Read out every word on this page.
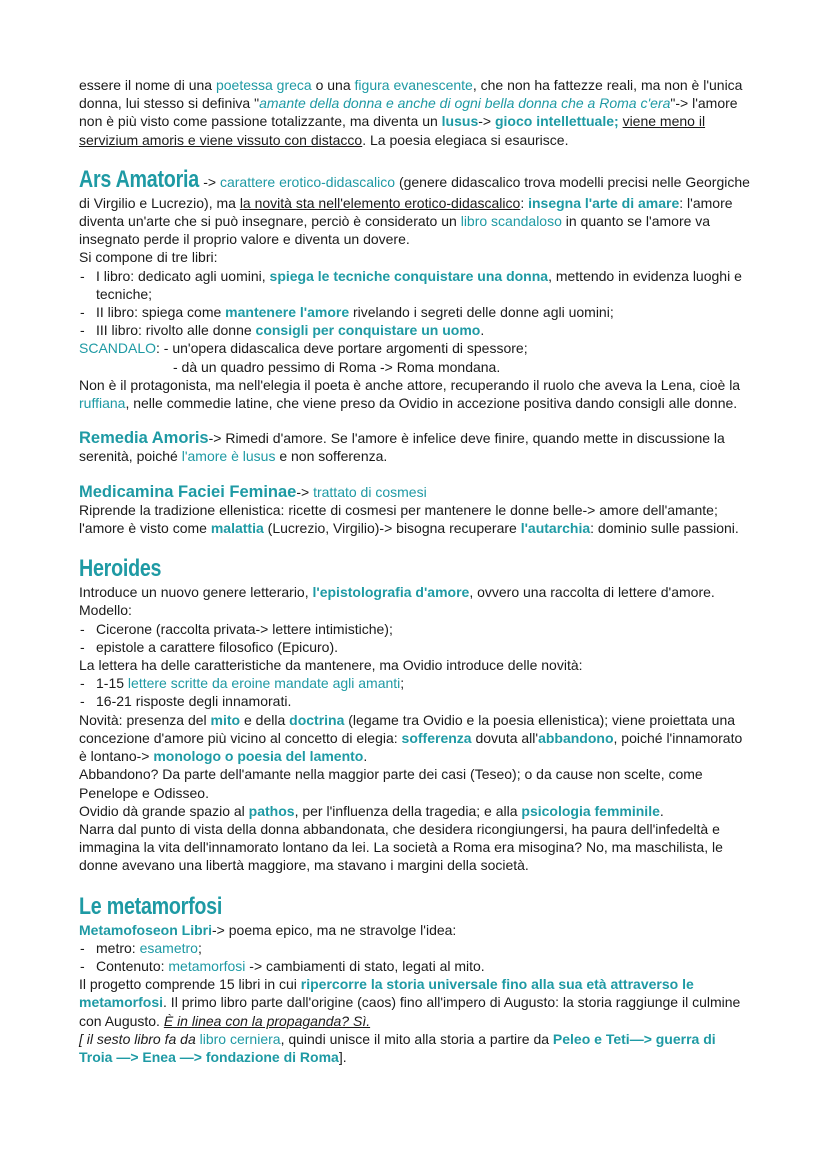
essere il nome di una poetessa greca o una figura evanescente, che non ha fattezze reali, ma non è l'unica donna, lui stesso si definiva "amante della donna e anche di ogni bella donna che a Roma c'era"-> l'amore non è più visto come passione totalizzante, ma diventa un lusus-> gioco intellettuale; viene meno il servizium amoris e viene vissuto con distacco. La poesia elegiaca si esaurisce.

Ars Amatoria -> carattere erotico-didascalico (genere didascalico trova modelli precisi nelle Georgiche di Virgilio e Lucrezio), ma la novità sta nell'elemento erotico-didascalico: insegna l'arte di amare: l'amore diventa un'arte che si può insegnare, perciò è considerato un libro scandaloso in quanto se l'amore va insegnato perde il proprio valore e diventa un dovere.

Si compone di tre libri:

- I libro: dedicato agli uomini, spiega le tecniche conquistare una donna, mettendo in evidenza luoghi e tecniche;

- II libro: spiega come mantenere l'amore rivelando i segreti delle donne agli uomini;

- III libro: rivolto alle donne consigli per conquistare un uomo.

SCANDALO: - un'opera didascalica deve portare argomenti di spessore;

- dà un quadro pessimo di Roma -> Roma mondana.

Non è il protagonista, ma nell'elegia il poeta è anche attore, recuperando il ruolo che aveva la Lena, cioè la ruffiana, nelle commedie latine, che viene preso da Ovidio in accezione positiva dando consigli alle donne.

Remedia Amoris-> Rimedi d'amore. Se l'amore è infelice deve finire, quando mette in discussione la serenità, poiché l'amore è lusus e non sofferenza.

Medicamina Faciei Feminae-> trattato di cosmesi

Riprende la tradizione ellenistica: ricette di cosmesi per mantenere le donne belle-> amore dell'amante; l'amore è visto come malattia (Lucrezio, Virgilio)-> bisogna recuperare l'autarchia: dominio sulle passioni.

Heroides

Introduce un nuovo genere letterario, l'epistolografia d'amore, ovvero una raccolta di lettere d'amore. Modello:

- Cicerone (raccolta privata-> lettere intimistiche);

- epistole a carattere filosofico (Epicuro).

La lettera ha delle caratteristiche da mantenere, ma Ovidio introduce delle novità:

- 1-15 lettere scritte da eroine mandate agli amanti;

- 16-21 risposte degli innamorati.

Novità: presenza del mito e della doctrina (legame tra Ovidio e la poesia ellenistica); viene proiettata una concezione d'amore più vicino al concetto di elegia: sofferenza dovuta all'abbandono, poiché l'innamorato è lontano-> monologo o poesia del lamento.

Abbandono? Da parte dell'amante nella maggior parte dei casi (Teseo); o da cause non scelte, come Penelope e Odisseo.

Ovidio dà grande spazio al pathos, per l'influenza della tragedia; e alla psicologia femminile.

Narra dal punto di vista della donna abbandonata, che desidera ricongiungersi, ha paura dell'infedeltà e immagina la vita dell'innamorato lontano da lei. La società a Roma era misogina? No, ma maschilista, le donne avevano una libertà maggiore, ma stavano i margini della società.

Le metamorfosi

Metamofoseon Libri-> poema epico, ma ne stravolge l'idea:

- metro: esametro;

- Contenuto: metamorfosi -> cambiamenti di stato, legati al mito.

Il progetto comprende 15 libri in cui ripercorre la storia universale fino alla sua età attraverso le metamorfosi. Il primo libro parte dall'origine (caos) fino all'impero di Augusto: la storia raggiunge il culmine con Augusto. È in linea con la propaganda? Sì.

[ il sesto libro fa da libro cerniera, quindi unisce il mito alla storia a partire da Peleo e Teti—> guerra di Troia —> Enea —> fondazione di Roma].
